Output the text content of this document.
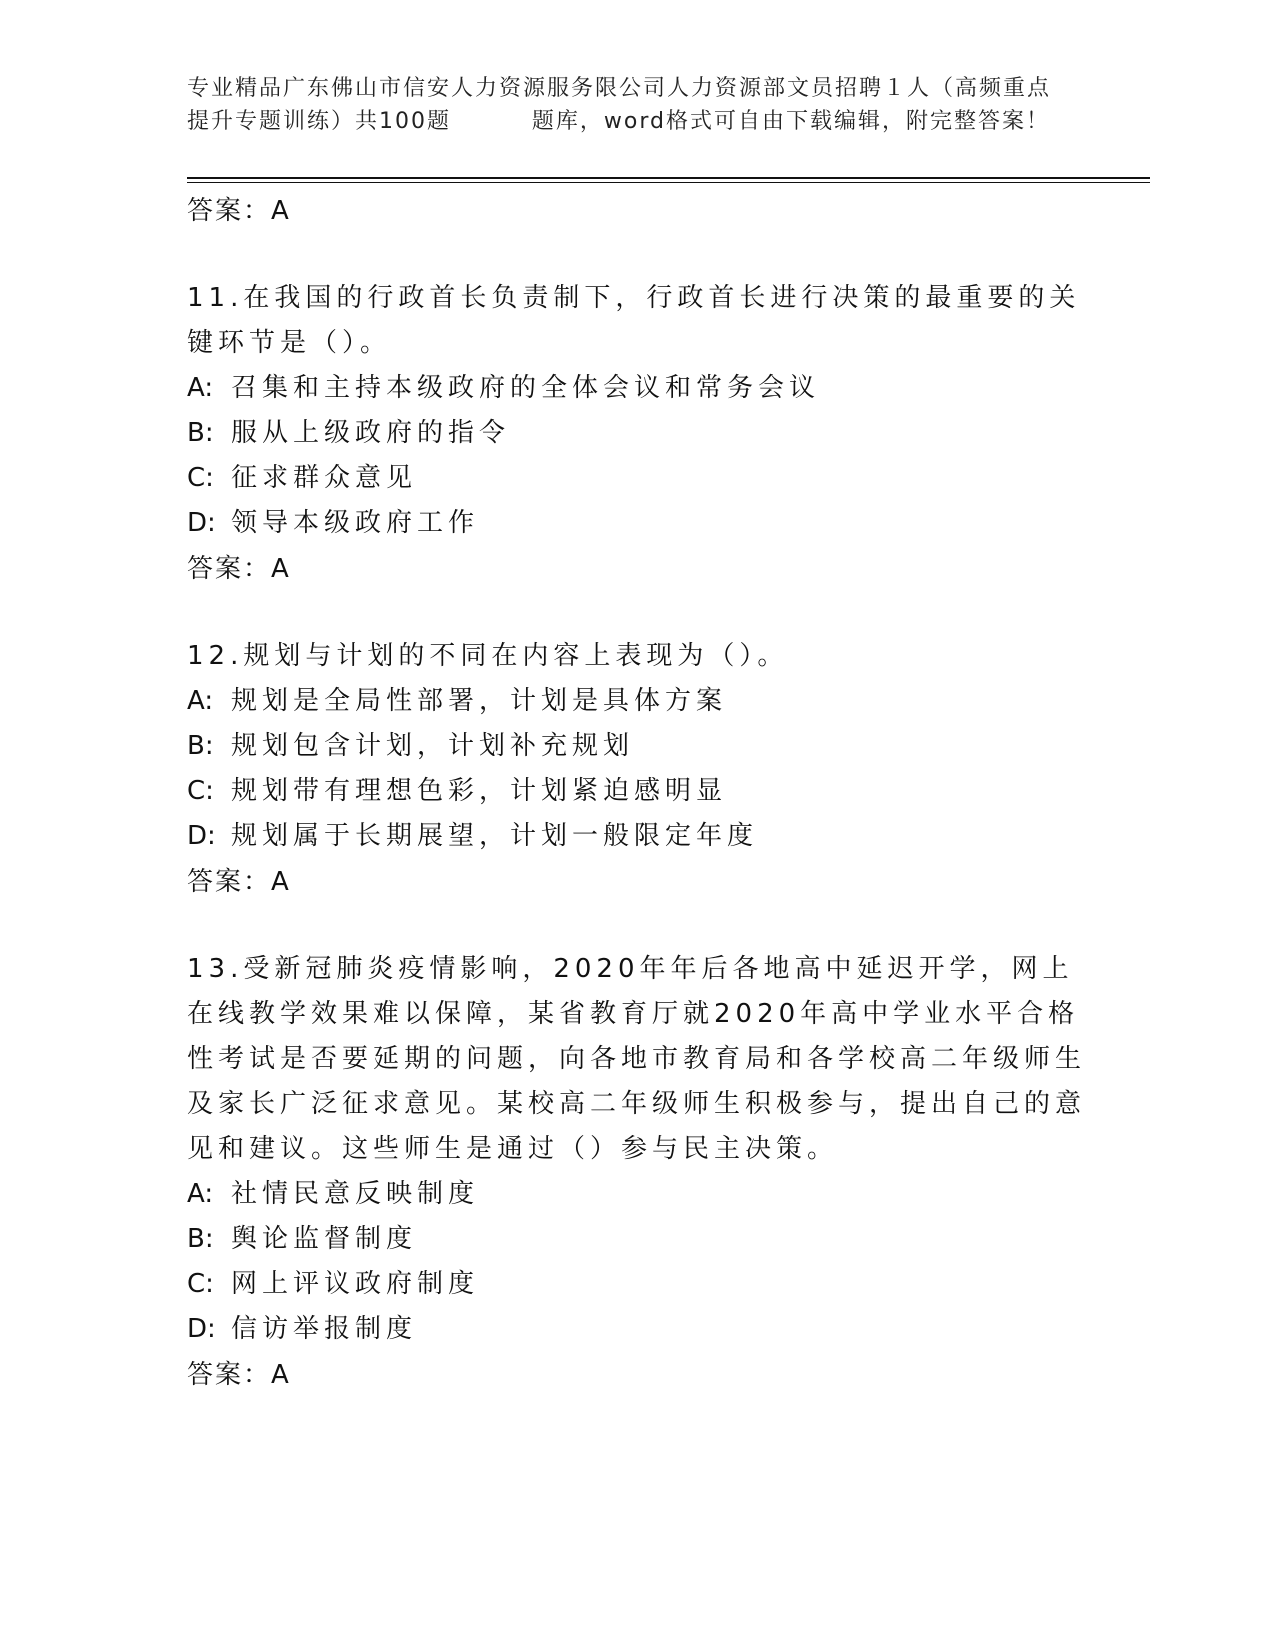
专业精品广东佛山市信安人力资源服务限公司人力资源部文员招聘１人（高频重点
提升专题训练）共100题         题库，word格式可自由下载编辑，附完整答案！

答案：A

11.在我国的行政首长负责制下，行政首长进行决策的最重要的关键环节是（）。

A: 召集和主持本级政府的全体会议和常务会议

B: 服从上级政府的指令

C: 征求群众意见

D: 领导本级政府工作

答案：A

12.规划与计划的不同在内容上表现为（）。

A: 规划是全局性部署，计划是具体方案

B: 规划包含计划，计划补充规划

C: 规划带有理想色彩，计划紧迫感明显

D: 规划属于长期展望，计划一般限定年度

答案：A

13.受新冠肺炎疫情影响，2020年年后各地高中延迟开学，网上在线教学效果难以保障，某省教育厅就2020年高中学业水平合格性考试是否要延期的问题，向各地市教育局和各学校高二年级师生及家长广泛征求意见。某校高二年级师生积极参与，提出自己的意见和建议。这些师生是通过（）参与民主决策。

A: 社情民意反映制度

B: 舆论监督制度

C: 网上评议政府制度

D: 信访举报制度

答案：A
